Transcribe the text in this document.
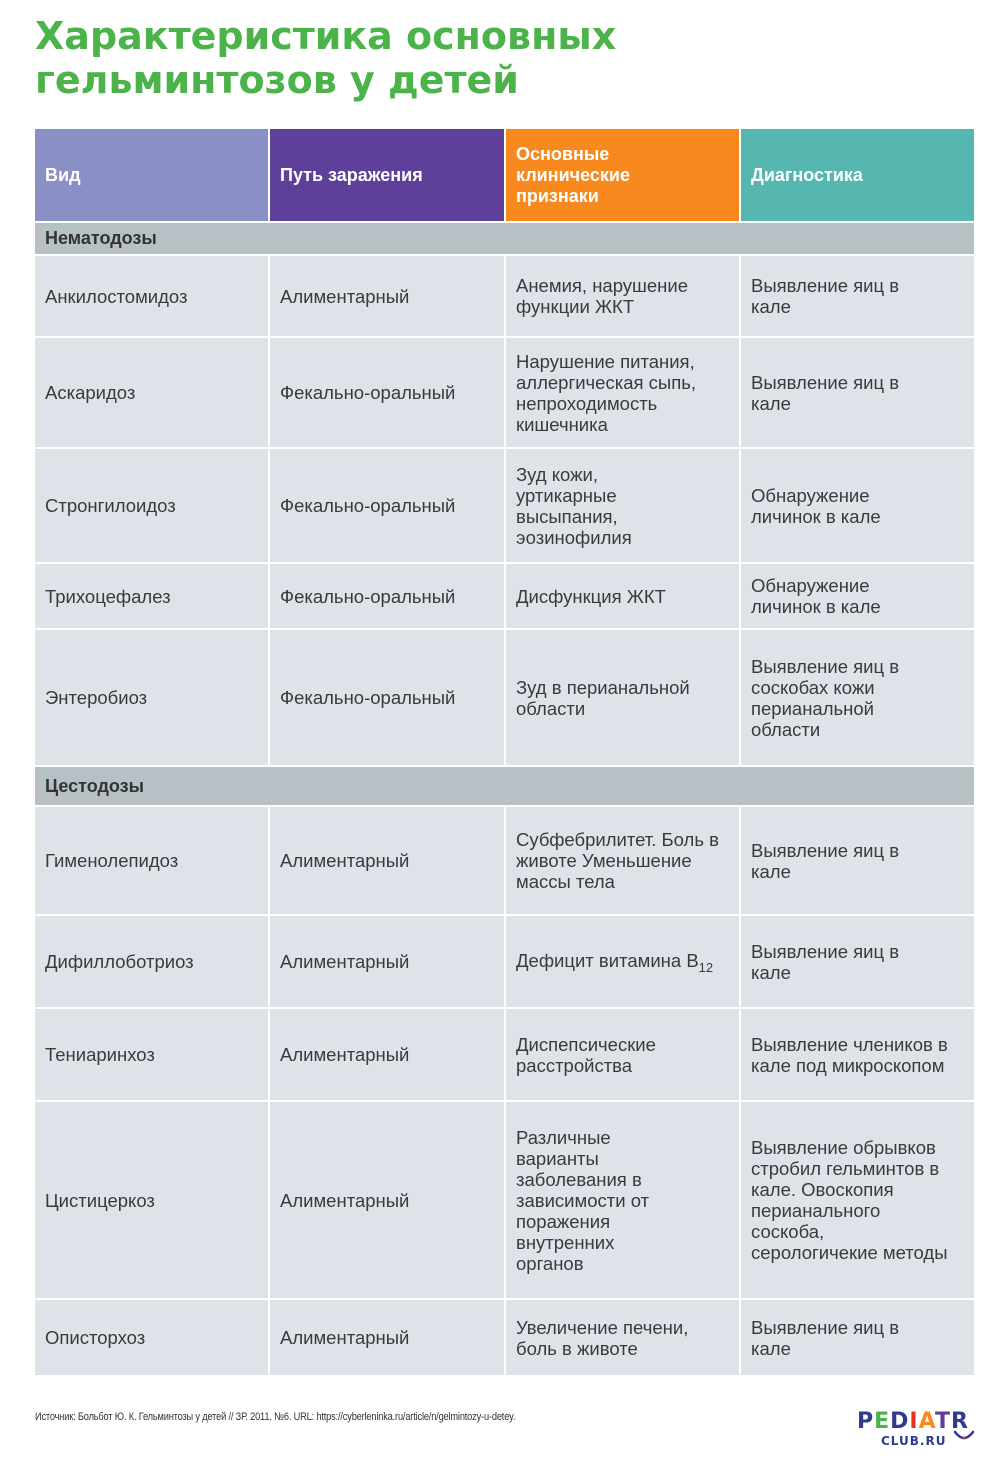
Характеристика основных
гельминтозов у детей
Вид	Путь заражения	Основные клинические признаки	Диагностика
Нематодозы			
Анкилостомидоз	Алиментарный	Анемия, нарушение функции ЖКТ	Выявление яиц в кале

Аскаридоз	Фекально-оральный	Нарушение питания, аллергическая сыпь, непроходимость кишечника	Выявление яиц в кале

Стронгилоидоз	Фекально-оральный	Зуд кожи, уртикарные высыпания, эозинофилия	Обнаружение личинок в кале

Трихоцефалез	Фекально-оральный	Дисфункция ЖКТ	Обнаружение личинок в кале

Энтеробиоз	Фекально-оральный	Зуд в перианальной области	Выявление яиц в соскобах кожи перианальной области

Цестодозы			
Гименолепидоз	Алиментарный	Субфебрилитет. Боль в животе Уменьшение массы тела	Выявление яиц в кале

Дифиллоботриоз	Алиментарный	Дефицит витамина $В_{12}$	Выявление яиц в кале

Тениаринхоз	Алиментарный	Диспепсические расстройства	Выявление члеников в кале под микроскопом

Цистицеркоз	Алиментарный	Различные варианты заболевания в зависимости от поражения внутренних органов	Выявление обрывков стробил гельминтов в кале. Овоскопия перианального соскоба, серологичекие методы

Описторхоз	Алиментарный	Увеличение печени, боль в животе	Выявление яиц в кале
Источник: Больбот Ю. К. Гельминтозы у детей // ЗР. 2011. №6. URL: https://cyberleninka.ru/article/n/gelmintozy-u-detey.	PEDIATR
CLUB.RU
